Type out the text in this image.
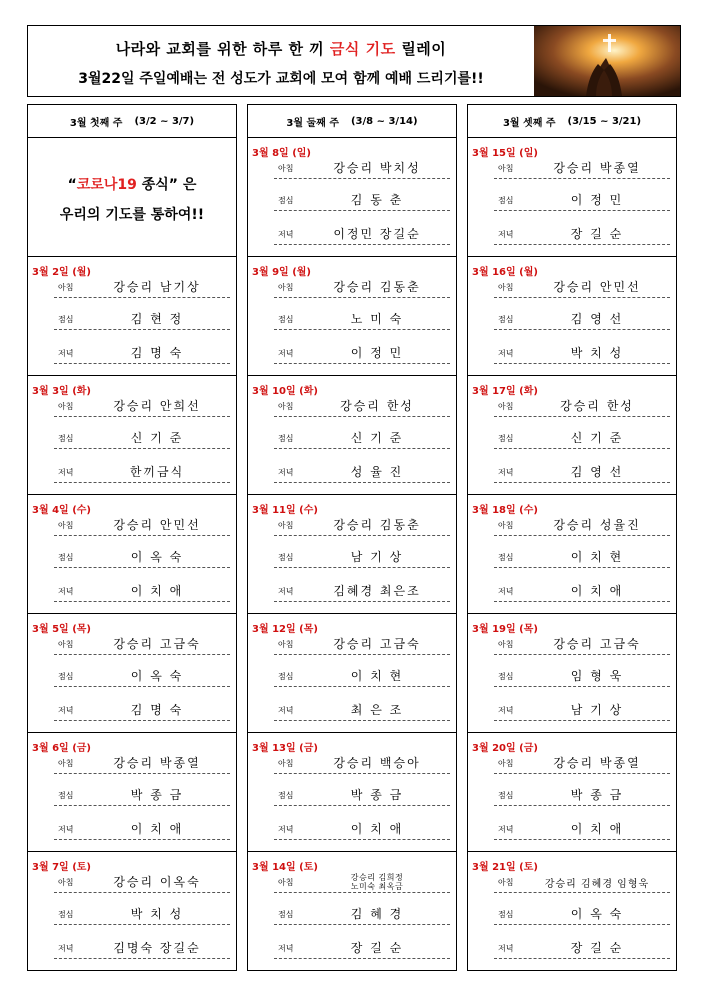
나라와 교회를 위한 하루 한 끼 금식 기도 릴레이
3월22일 주일예배는 전 성도가 교회에 모여 함께 예배 드리기를!!
3월 첫째 주 (3/2 ~ 3/7)
“코로나19 종식” 은
우리의 기도를 통하여!!
3월 2일 (월)
아침	강승리 남기상
점심	김 현 정
저녁	김 명 숙
3월 3일 (화)
아침	강승리 안희선
점심	신 기 준
저녁	한끼금식
3월 4일 (수)
아침	강승리 안민선
점심	이 옥 숙
저녁	이 치 애
3월 5일 (목)
아침	강승리 고금숙
점심	이 옥 숙
저녁	김 명 숙
3월 6일 (금)
아침	강승리 박종열
점심	박 종 금
저녁	이 치 애
3월 7일 (토)
아침	강승리 이옥숙
점심	박 치 성
저녁	김명숙 장길순
3월 둘째 주 (3/8 ~ 3/14)
3월 8일 (일)
아침	강승리 박치성
점심	김 동 춘
저녁	이정민 장길순
3월 9일 (월)
아침	강승리 김동춘
점심	노 미 숙
저녁	이 정 민
3월 10일 (화)
아침	강승리 한성
점심	신 기 준
저녁	성 율 진
3월 11일 (수)
아침	강승리 김동춘
점심	남 기 상
저녁	김혜경 최은조
3월 12일 (목)
아침	강승리 고금숙
점심	이 치 현
저녁	최 은 조
3월 13일 (금)
아침	강승리 백승아
점심	박 종 금
저녁	이 치 애
3월 14일 (토)
아침
강승리 김희정
노미숙 최옥금
점심	김 혜 경
저녁	장 길 순
3월 셋째 주 (3/15 ~ 3/21)
3월 15일 (일)
아침	강승리 박종열
점심	이 정 민
저녁	장 길 순
3월 16일 (월)
아침	강승리 안민선
점심	김 영 선
저녁	박 치 성
3월 17일 (화)
아침	강승리 한성
점심	신 기 준
저녁	김 영 선
3월 18일 (수)
아침	강승리 성율진
점심	이 치 현
저녁	이 치 애
3월 19일 (목)
아침	강승리 고금숙
점심	임 형 욱
저녁	남 기 상
3월 20일 (금)
아침	강승리 박종열
점심	박 종 금
저녁	이 치 애
3월 21일 (토)
아침	강승리 김혜경 임형욱
점심	이 옥 숙
저녁	장 길 순
